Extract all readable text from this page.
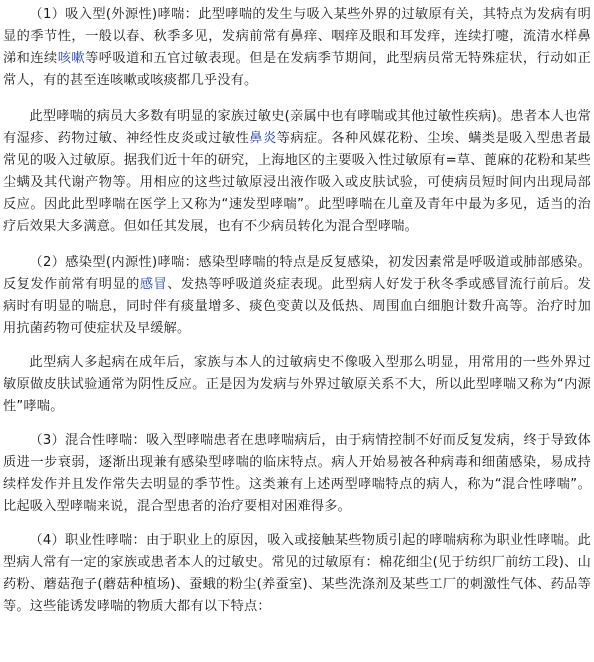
（1）吸入型(外源性)哮喘：此型哮喘的发生与吸入某些外界的过敏原有关，其特点为发病有明显的季节性，一般以春、秋季多见，发病前常有鼻痒、咽痒及眼和耳发痒，连续打嚏，流清水样鼻涕和连续咳嗽等呼吸道和五官过敏表现。但是在发病季节期间，此型病员常无特殊症状，行动如正常人，有的甚至连咳嗽或咳痰都几乎没有。

此型哮喘的病员大多数有明显的家族过敏史(亲属中也有哮喘或其他过敏性疾病)。患者本人也常有湿疹、药物过敏、神经性皮炎或过敏性鼻炎等病症。各种风媒花粉、尘埃、螨类是吸入型患者最常见的吸入过敏原。据我们近十年的研究，上海地区的主要吸入性过敏原有=草、蓖麻的花粉和某些尘螨及其代谢产物等。用相应的这些过敏原浸出液作吸入或皮肤试验，可使病员短时间内出现局部反应。因此此型哮喘在医学上又称为“速发型哮喘”。此型哮喘在儿童及青年中最为多见，适当的治疗后效果大多满意。但如任其发展，也有不少病员转化为混合型哮喘。

（2）感染型(内源性)哮喘：感染型哮喘的特点是反复感染，初发因素常是呼吸道或肺部感染。反复发作前常有明显的感冒、发热等呼吸道炎症表现。此型病人好发于秋冬季或感冒流行前后。发病时有明显的喘息，同时伴有痰量增多、痰色变黄以及低热、周围血白细胞计数升高等。治疗时加用抗菌药物可使症状及早缓解。

此型病人多起病在成年后，家族与本人的过敏病史不像吸入型那么明显，用常用的一些外界过敏原做皮肤试验通常为阴性反应。正是因为发病与外界过敏原关系不大，所以此型哮喘又称为“内源性”哮喘。

（3）混合性哮喘：吸入型哮喘患者在患哮喘病后，由于病情控制不好而反复发病，终于导致体质进一步衰弱，逐渐出现兼有感染型哮喘的临床特点。病人开始易被各种病毒和细菌感染，易成持续样发作并且发作常失去明显的季节性。这类兼有上述两型哮喘特点的病人，称为“混合性哮喘”。比起吸入型哮喘来说，混合型患者的治疗要相对困难得多。

（4）职业性哮喘：由于职业上的原因，吸入或接触某些物质引起的哮喘病称为职业性哮喘。此型病人常有一定的家族或患者本人的过敏史。常见的过敏原有：棉花细尘(见于纺织厂前纺工段)、山药粉、蘑菇孢子(蘑菇种植场)、蚕蛾的粉尘(养蚕室)、某些洗涤剂及某些工厂的刺激性气体、药品等等。这些能诱发哮喘的物质大都有以下特点：
